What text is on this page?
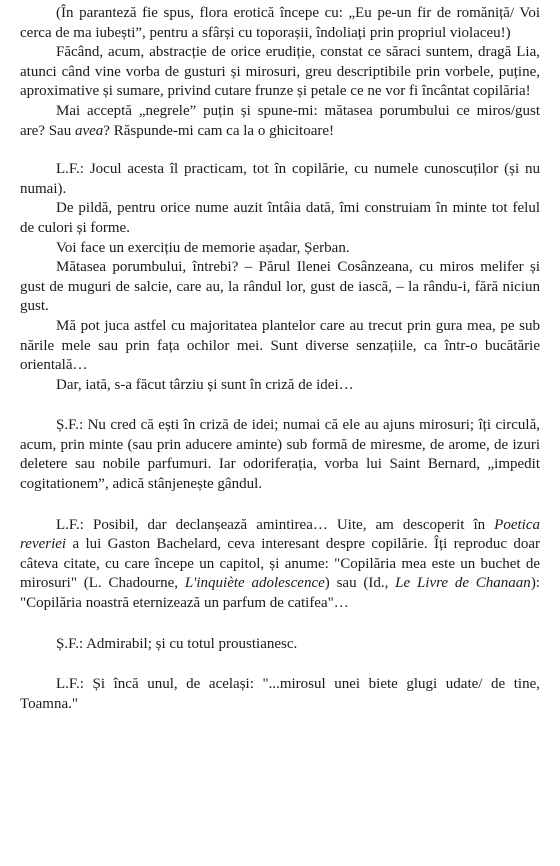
(În paranteză fie spus, flora erotică începe cu: „Eu pe-un fir de romăniță/ Voi cerca de ma iubești”, pentru a sfârși cu toporașii, îndoliați prin propriul violaceu!)

Făcând, acum, abstracție de orice erudiție, constat ce săraci suntem, dragă Lia, atunci când vine vorba de gusturi și mirosuri, greu descriptibile prin vorbele, puține, aproximative și sumare, privind cutare frunze și petale ce ne vor fi încântat copilăria!

Mai acceptă „negrele” puțin și spune-mi: mătasea porumbului ce miros/gust are? Sau avea? Răspunde-mi cam ca la o ghicitoare!

L.F.: Jocul acesta îl practicam, tot în copilărie, cu numele cunoscuților (și nu numai).

De pildă, pentru orice nume auzit întâia dată, îmi construiam în minte tot felul de culori și forme.

Voi face un exercițiu de memorie așadar, Șerban.

Mătasea porumbului, întrebi? – Părul Ilenei Cosânzeana, cu miros melifer și gust de muguri de salcie, care au, la rândul lor, gust de iască, – la rându-i, fără niciun gust.

Mă pot juca astfel cu majoritatea plantelor care au trecut prin gura mea, pe sub nările mele sau prin fața ochilor mei. Sunt diverse senzațiile, ca într-o bucătărie orientală…

Dar, iată, s-a făcut târziu și sunt în criză de idei…

Ș.F.: Nu cred că ești în criză de idei; numai că ele au ajuns mirosuri; îți circulă, acum, prin minte (sau prin aducere aminte) sub formă de miresme, de arome, de izuri deletere sau nobile parfumuri. Iar odoriferația, vorba lui Saint Bernard, „impedit cogitationem”, adică stânjenește gândul.

L.F.: Posibil, dar declanșează amintirea… Uite, am descoperit în Poetica reveriei a lui Gaston Bachelard, ceva interesant despre copilărie. Îți reproduc doar câteva citate, cu care începe un capitol, și anume: "Copilăria mea este un buchet de mirosuri" (L. Chadourne, L'inquiète adolescence) sau (Id., Le Livre de Chanaan): "Copilăria noastră eternizează un parfum de catifea"…

Ș.F.: Admirabil; și cu totul proustianesc.

L.F.: Și încă unul, de același: "...mirosul unei biete glugi udate/ de tine, Toamna."
